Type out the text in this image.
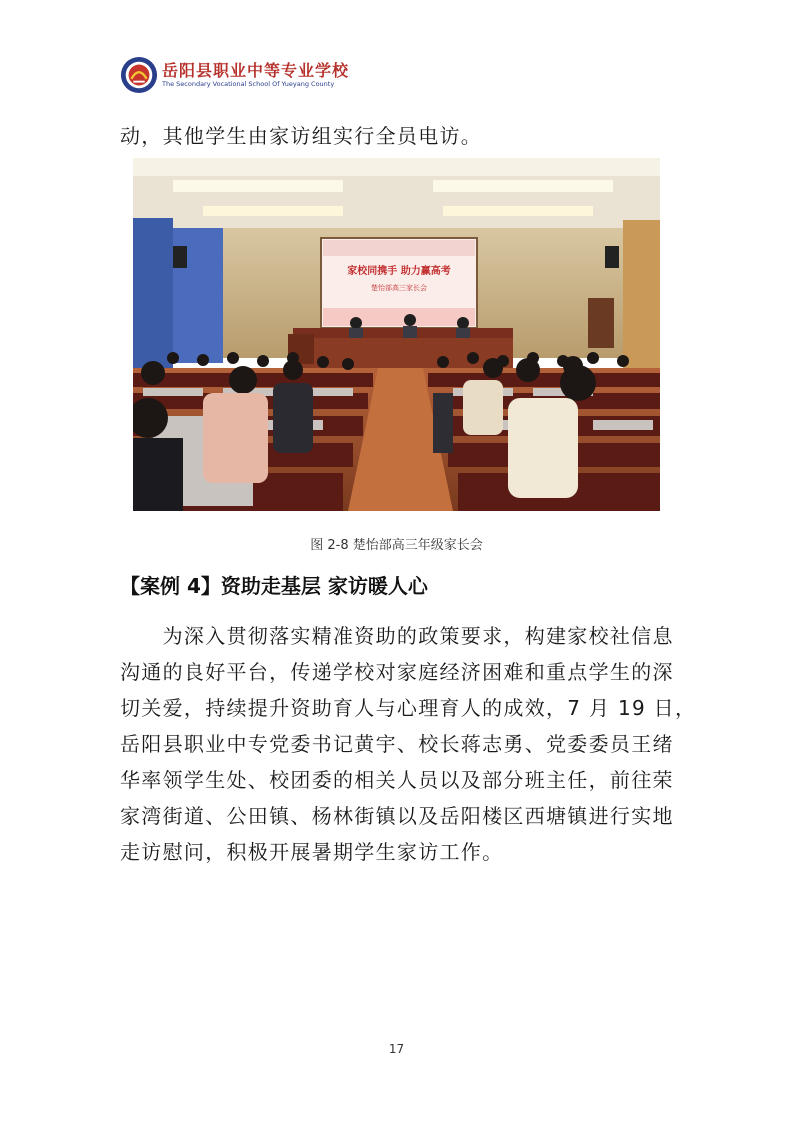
岳阳县职业中等专业学校
The Secondary Vocational School Of Yueyang County
动，其他学生由家访组实行全员电访。
家校同携手 助力赢高考
楚怡部高三家长会
图 2-8 楚怡部高三年级家长会
【案例 4】资助走基层 家访暖人心
　　为深入贯彻落实精准资助的政策要求，构建家校社信息
沟通的良好平台，传递学校对家庭经济困难和重点学生的深
切关爱，持续提升资助育人与心理育人的成效，7 月 19 日，
岳阳县职业中专党委书记黄宇、校长蒋志勇、党委委员王绪
华率领学生处、校团委的相关人员以及部分班主任，前往荣
家湾街道、公田镇、杨林街镇以及岳阳楼区西塘镇进行实地
走访慰问，积极开展暑期学生家访工作。
17
